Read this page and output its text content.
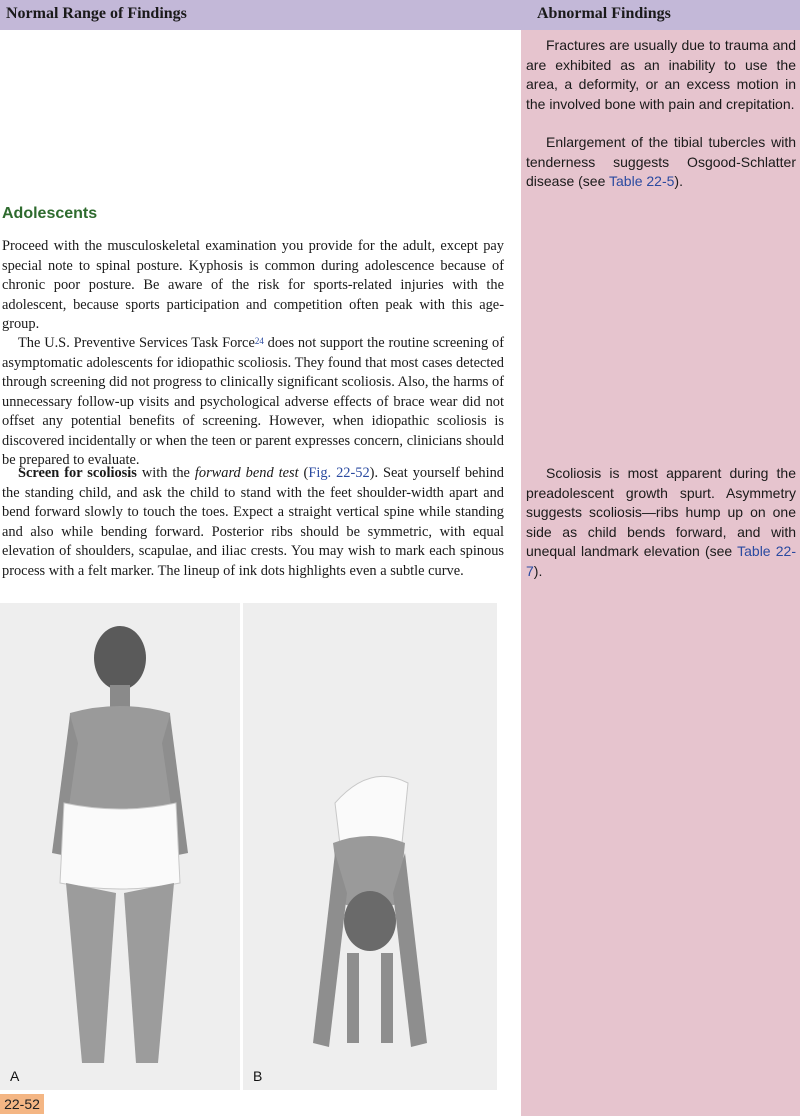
Normal Range of Findings	Abnormal Findings

Fractures are usually due to trauma and are exhibited as an inability to use the area, a deformity, or an excess motion in the involved bone with pain and crepitation.

Enlargement of the tibial tubercles with tenderness suggests Osgood-Schlatter disease (see Table 22-5).

Scoliosis is most apparent during the preadolescent growth spurt. Asymmetry suggests scoliosis—ribs hump up on one side as child bends forward, and with unequal landmark elevation (see Table 22-7).

Adolescents

Proceed with the musculoskeletal examination you provide for the adult, except pay special note to spinal posture. Kyphosis is common during adolescence because of chronic poor posture. Be aware of the risk for sports-related injuries with the adolescent, because sports participation and competition often peak with this age-group.

The U.S. Preventive Services Task Force$^{24}$ does not support the routine screening of asymptomatic adolescents for idiopathic scoliosis. They found that most cases detected through screening did not progress to clinically significant scoliosis. Also, the harms of unnecessary follow-up visits and psychological adverse effects of brace wear did not offset any potential benefits of screening. However, when idiopathic scoliosis is discovered incidentally or when the teen or parent expresses concern, clinicians should be prepared to evaluate.

Screen for scoliosis with the forward bend test (Fig. 22-52). Seat yourself behind the standing child, and ask the child to stand with the feet shoulder-width apart and bend forward slowly to touch the toes. Expect a straight vertical spine while standing and also while bending forward. Posterior ribs should be symmetric, with equal elevation of shoulders, scapulae, and iliac crests. You may wish to mark each spinous process with a felt marker. The lineup of ink dots highlights even a subtle curve.

A	B
22-52
